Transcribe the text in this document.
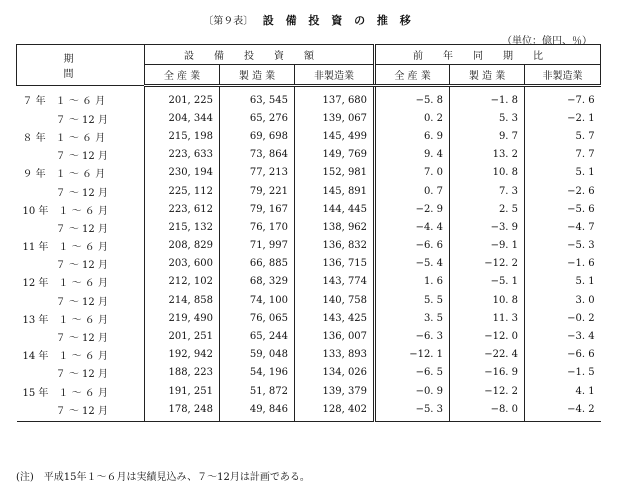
〔第９表〕 設 備 投 資 の 推 移
（単位：億円、％）
期　　間	設備投資額			前年同期比		
	全 産 業	製 造 業	非製造業	全 産 業	製 造 業	非製造業
７ 年　１ 〜 ６ 月	201, 225	63, 545	137, 680	−5. 8	−1. 8	−7. 6
　　　 ７ 〜 12 月	204, 344	65, 276	139, 067	0. 2	5. 3	−2. 1
８ 年　１ 〜 ６ 月	215, 198	69, 698	145, 499	6. 9	9. 7	5. 7
　　　 ７ 〜 12 月	223, 633	73, 864	149, 769	9. 4	13. 2	7. 7
９ 年　１ 〜 ６ 月	230, 194	77, 213	152, 981	7. 0	10. 8	5. 1
　　　 ７ 〜 12 月	225, 112	79, 221	145, 891	0. 7	7. 3	−2. 6
10 年　１ 〜 ６ 月	223, 612	79, 167	144, 445	−2. 9	2. 5	−5. 6
　　　 ７ 〜 12 月	215, 132	76, 170	138, 962	−4. 4	−3. 9	−4. 7
11 年　１ 〜 ６ 月	208, 829	71, 997	136, 832	−6. 6	−9. 1	−5. 3
　　　 ７ 〜 12 月	203, 600	66, 885	136, 715	−5. 4	−12. 2	−1. 6
12 年　１ 〜 ６ 月	212, 102	68, 329	143, 774	1. 6	−5. 1	5. 1
　　　 ７ 〜 12 月	214, 858	74, 100	140, 758	5. 5	10. 8	3. 0
13 年　１ 〜 ６ 月	219, 490	76, 065	143, 425	3. 5	11. 3	−0. 2
　　　 ７ 〜 12 月	201, 251	65, 244	136, 007	−6. 3	−12. 0	−3. 4
14 年　１ 〜 ６ 月	192, 942	59, 048	133, 893	−12. 1	−22. 4	−6. 6
　　　 ７ 〜 12 月	188, 223	54, 196	134, 026	−6. 5	−16. 9	−1. 5
15 年　１ 〜 ６ 月	191, 251	51, 872	139, 379	−0. 9	−12. 2	4. 1
　　　 ７ 〜 12 月	178, 248	49, 846	128, 402	−5. 3	−8. 0	−4. 2
(注)　平成15年１〜６月は実績見込み、７〜12月は計画である。
